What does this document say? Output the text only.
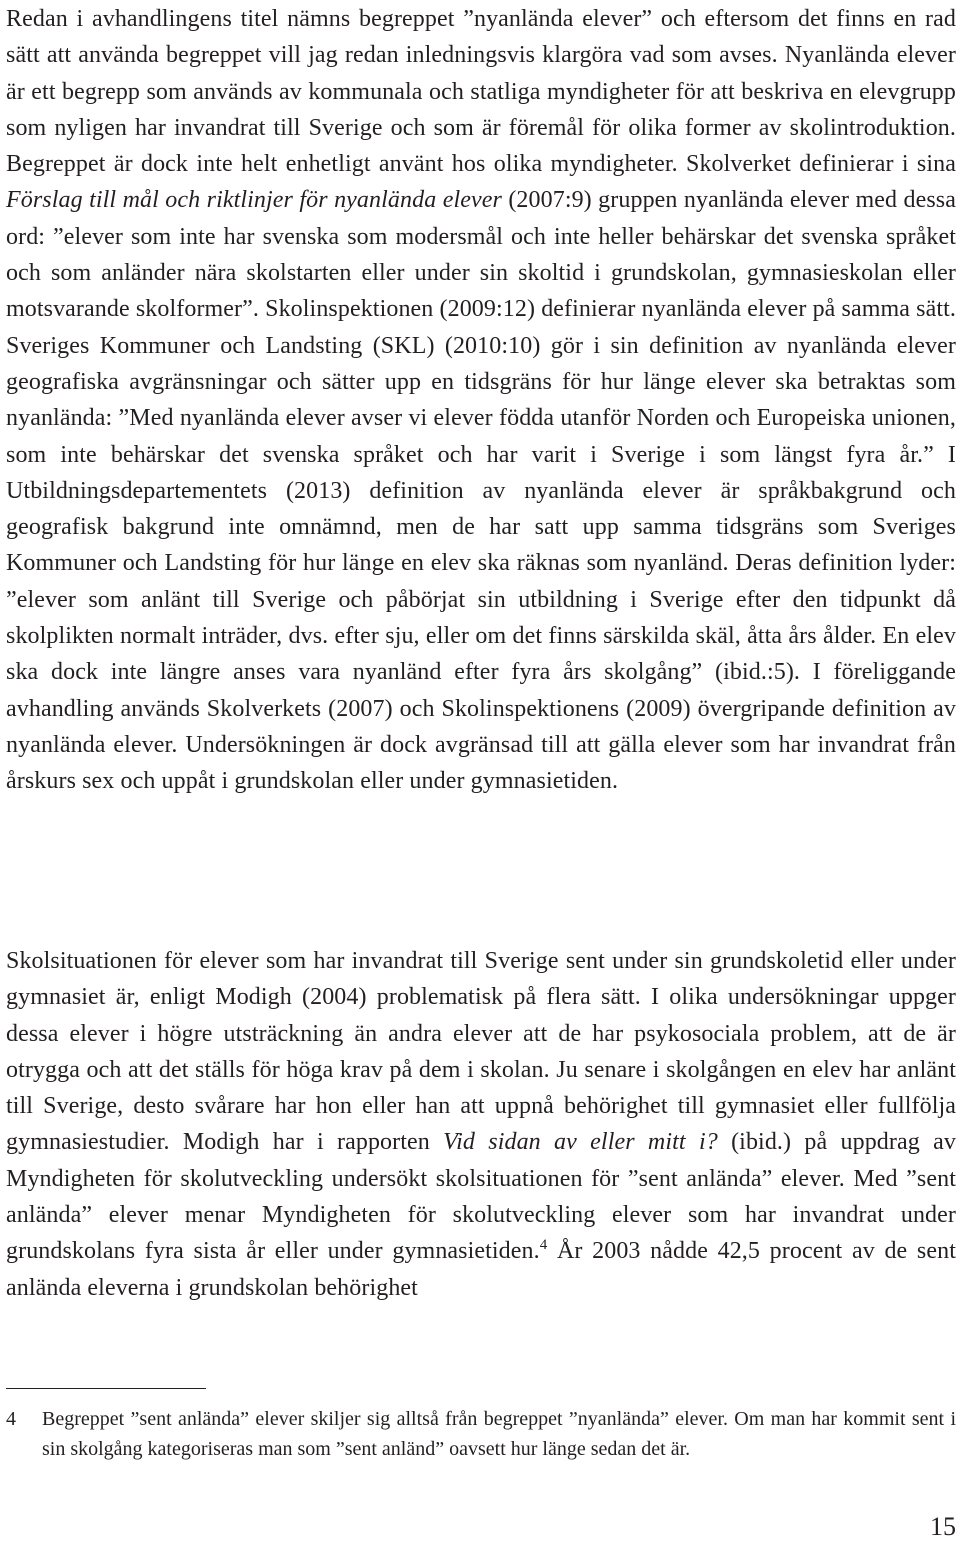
Redan i avhandlingens titel nämns begreppet ”nyanlända elever” och eftersom det finns en rad sätt att använda begreppet vill jag redan inledningsvis klargöra vad som avses. Nyanlända elever är ett begrepp som används av kommunala och statliga myndigheter för att beskriva en elevgrupp som nyligen har invandrat till Sverige och som är föremål för olika former av skolintroduktion. Begreppet är dock inte helt enhetligt använt hos olika myndigheter. Skolverket definierar i sina Förslag till mål och riktlinjer för nyanlända elever (2007:9) gruppen nyanlända elever med dessa ord: ”elever som inte har svenska som modersmål och inte heller behärskar det svenska språket och som anländer nära skolstarten eller under sin skoltid i grundskolan, gymnasieskolan eller motsvarande skolformer”. Skolinspektionen (2009:12) definierar nyanlända elever på samma sätt. Sveriges Kommuner och Landsting (SKL) (2010:10) gör i sin definition av nyanlända elever geografiska avgränsningar och sätter upp en tidsgräns för hur länge elever ska betraktas som nyanlända: ”Med nyanlända elever avser vi elever födda utanför Norden och Europeiska unionen, som inte behärskar det svenska språket och har varit i Sverige i som längst fyra år.” I Utbildningsdepartementets (2013) definition av nyanlända elever är språkbakgrund och geografisk bakgrund inte omnämnd, men de har satt upp samma tidsgräns som Sveriges Kommuner och Landsting för hur länge en elev ska räknas som nyanländ. Deras definition lyder: ”elever som anlänt till Sverige och påbörjat sin utbildning i Sverige efter den tidpunkt då skolplikten normalt inträder, dvs. efter sju, eller om det finns särskilda skäl, åtta års ålder. En elev ska dock inte längre anses vara nyanländ efter fyra års skolgång” (ibid.:5). I föreliggande avhandling används Skolverkets (2007) och Skolinspektionens (2009) övergripande definition av nyanlända elever. Undersökningen är dock avgränsad till att gälla elever som har invandrat från årskurs sex och uppåt i grundskolan eller under gymnasietiden.

Skolsituationen för elever som har invandrat till Sverige sent under sin grundskoletid eller under gymnasiet är, enligt Modigh (2004) problematisk på flera sätt. I olika undersökningar uppger dessa elever i högre utsträckning än andra elever att de har psykosociala problem, att de är otrygga och att det ställs för höga krav på dem i skolan. Ju senare i skolgången en elev har anlänt till Sverige, desto svårare har hon eller han att uppnå behörighet till gymnasiet eller fullfölja gymnasiestudier. Modigh har i rapporten Vid sidan av eller mitt i? (ibid.) på uppdrag av Myndigheten för skolutveckling undersökt skolsituationen för ”sent anlända” elever. Med ”sent anlända” elever menar Myndigheten för skolutveckling elever som har invandrat under grundskolans fyra sista år eller under gymnasietiden.$^4$ År 2003 nådde 42,5 procent av de sent anlända eleverna i grundskolan behörighet

4 Begreppet ”sent anlända” elever skiljer sig alltså från begreppet ”nyanlända” elever. Om man har kommit sent i sin skolgång kategoriseras man som ”sent anländ” oavsett hur länge sedan det är.
15
